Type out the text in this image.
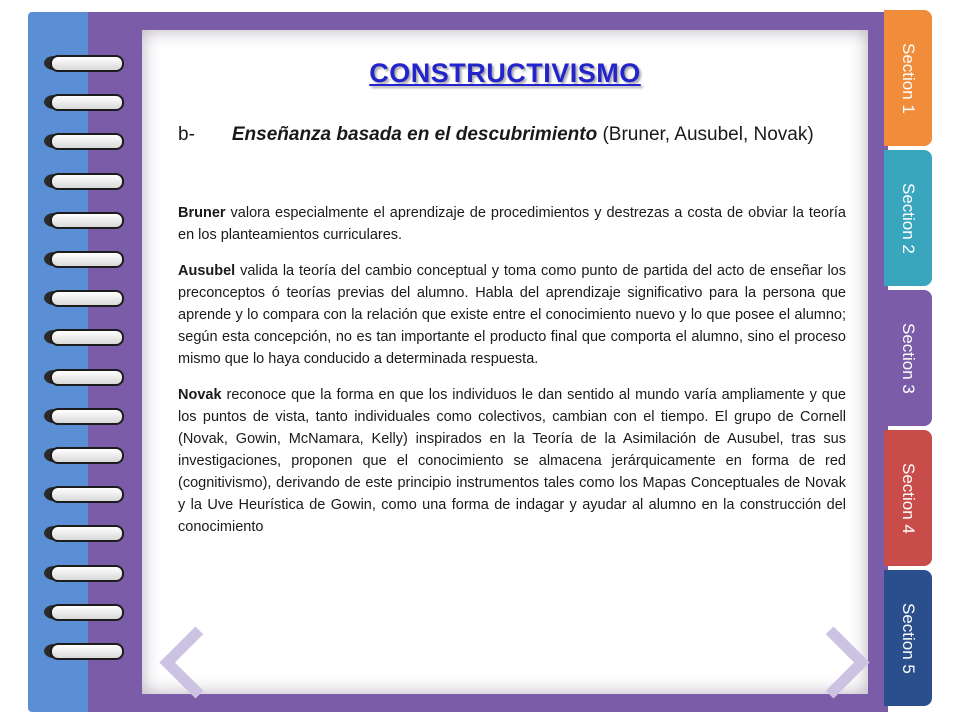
CONSTRUCTIVISMO
b- Enseñanza basada en el descubrimiento (Bruner, Ausubel, Novak)

Bruner valora especialmente el aprendizaje de procedimientos y destrezas a costa de obviar la teoría en los planteamientos curriculares.

Ausubel valida la teoría del cambio conceptual y toma como punto de partida del acto de enseñar los preconceptos ó teorías previas del alumno. Habla del aprendizaje significativo para la persona que aprende y lo compara con la relación que existe entre el conocimiento nuevo y lo que posee el alumno; según esta concepción, no es tan importante el producto final que comporta el alumno, sino el proceso mismo que lo haya conducido a determinada respuesta.

Novak reconoce que la forma en que los individuos le dan sentido al mundo varía ampliamente y que los puntos de vista, tanto individuales como colectivos, cambian con el tiempo. El grupo de Cornell (Novak, Gowin, McNamara, Kelly) inspirados en la Teoría de la Asimilación de Ausubel, tras sus investigaciones, proponen que el conocimiento se almacena jerárquicamente en forma de red (cognitivismo), derivando de este principio instrumentos tales como los Mapas Conceptuales de Novak y la Uve Heurística de Gowin, como una forma de indagar y ayudar al alumno en la construcción del conocimiento

Section 1
Section 2
Section 3
Section 4
Section 5
